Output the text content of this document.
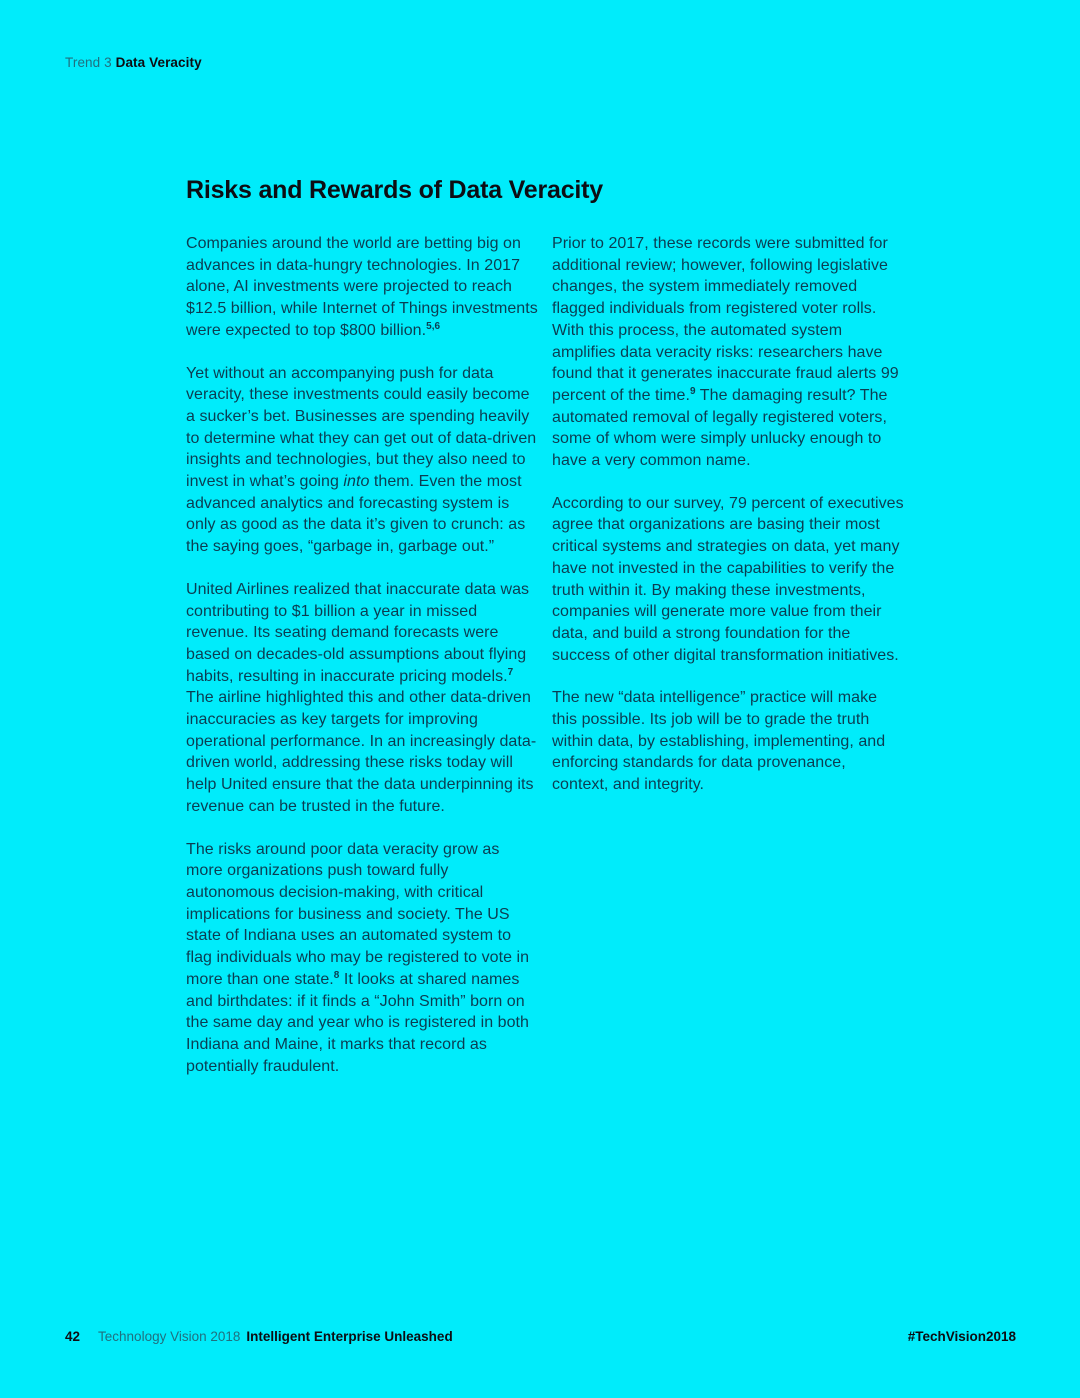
Trend 3 Data Veracity
Risks and Rewards of Data Veracity

Companies around the world are betting big on advances in data-hungry technologies. In 2017 alone, AI investments were projected to reach $12.5 billion, while Internet of Things investments were expected to top $800 billion.$^{5,6}$

Yet without an accompanying push for data veracity, these investments could easily become a sucker’s bet. Businesses are spending heavily to determine what they can get out of data-driven insights and technologies, but they also need to invest in what’s going into them. Even the most advanced analytics and forecasting system is only as good as the data it’s given to crunch: as the saying goes, “garbage in, garbage out.”

United Airlines realized that inaccurate data was contributing to $1 billion a year in missed revenue. Its seating demand forecasts were based on decades-old assumptions about flying habits, resulting in inaccurate pricing models.$^7$ The airline highlighted this and other data-driven inaccuracies as key targets for improving operational performance. In an increasingly data-driven world, addressing these risks today will help United ensure that the data underpinning its revenue can be trusted in the future.

The risks around poor data veracity grow as more organizations push toward fully autonomous decision-making, with critical implications for business and society. The US state of Indiana uses an automated system to flag individuals who may be registered to vote in more than one state.$^8$ It looks at shared names and birthdates: if it finds a “John Smith” born on the same day and year who is registered in both Indiana and Maine, it marks that record as potentially fraudulent.

Prior to 2017, these records were submitted for additional review; however, following legislative changes, the system immediately removed flagged individuals from registered voter rolls. With this process, the automated system amplifies data veracity risks: researchers have found that it generates inaccurate fraud alerts 99 percent of the time.$^9$ The damaging result? The automated removal of legally registered voters, some of whom were simply unlucky enough to have a very common name.

According to our survey, 79 percent of executives agree that organizations are basing their most critical systems and strategies on data, yet many have not invested in the capabilities to verify the truth within it. By making these investments, companies will generate more value from their data, and build a strong foundation for the success of other digital transformation initiatives.

The new “data intelligence” practice will make this possible. Its job will be to grade the truth within data, by establishing, implementing, and enforcing standards for data provenance, context, and integrity.

42 Technology Vision 2018 Intelligent Enterprise Unleashed	#TechVision2018
